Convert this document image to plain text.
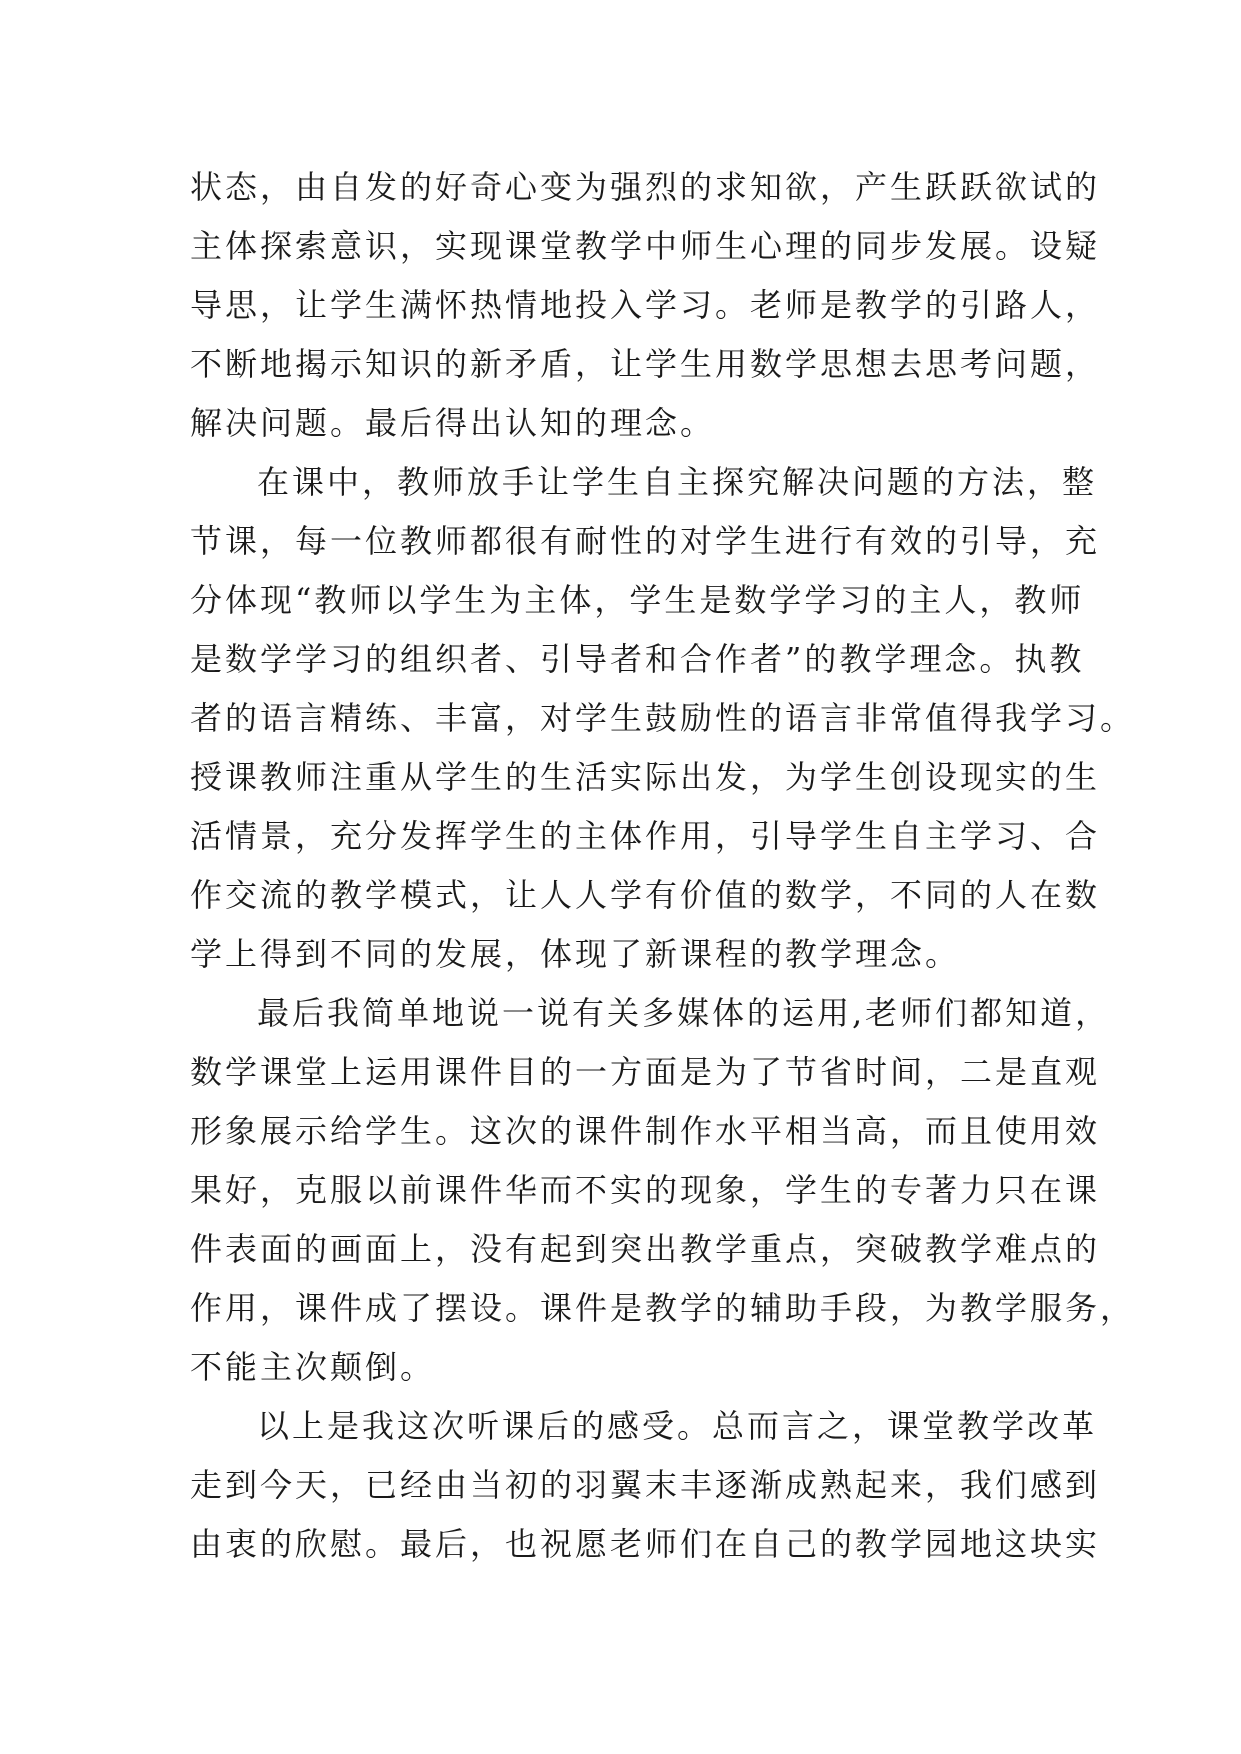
状态，由自发的好奇心变为强烈的求知欲，产生跃跃欲试的
主体探索意识，实现课堂教学中师生心理的同步发展。设疑
导思，让学生满怀热情地投入学习。老师是教学的引路人，
不断地揭示知识的新矛盾，让学生用数学思想去思考问题，
解决问题。最后得出认知的理念。
在课中，教师放手让学生自主探究解决问题的方法，整
节课，每一位教师都很有耐性的对学生进行有效的引导，充
分体现“教师以学生为主体，学生是数学学习的主人，教师
是数学学习的组织者、引导者和合作者”的教学理念。执教
者的语言精练、丰富，对学生鼓励性的语言非常值得我学习。
授课教师注重从学生的生活实际出发，为学生创设现实的生
活情景，充分发挥学生的主体作用，引导学生自主学习、合
作交流的教学模式，让人人学有价值的数学，不同的人在数
学上得到不同的发展，体现了新课程的教学理念。
最后我简单地说一说有关多媒体的运用,老师们都知道，
数学课堂上运用课件目的一方面是为了节省时间，二是直观
形象展示给学生。这次的课件制作水平相当高，而且使用效
果好，克服以前课件华而不实的现象，学生的专著力只在课
件表面的画面上，没有起到突出教学重点，突破教学难点的
作用，课件成了摆设。课件是教学的辅助手段，为教学服务，
不能主次颠倒。
以上是我这次听课后的感受。总而言之，课堂教学改革
走到今天，已经由当初的羽翼末丰逐渐成熟起来，我们感到
由衷的欣慰。最后，也祝愿老师们在自己的教学园地这块实
